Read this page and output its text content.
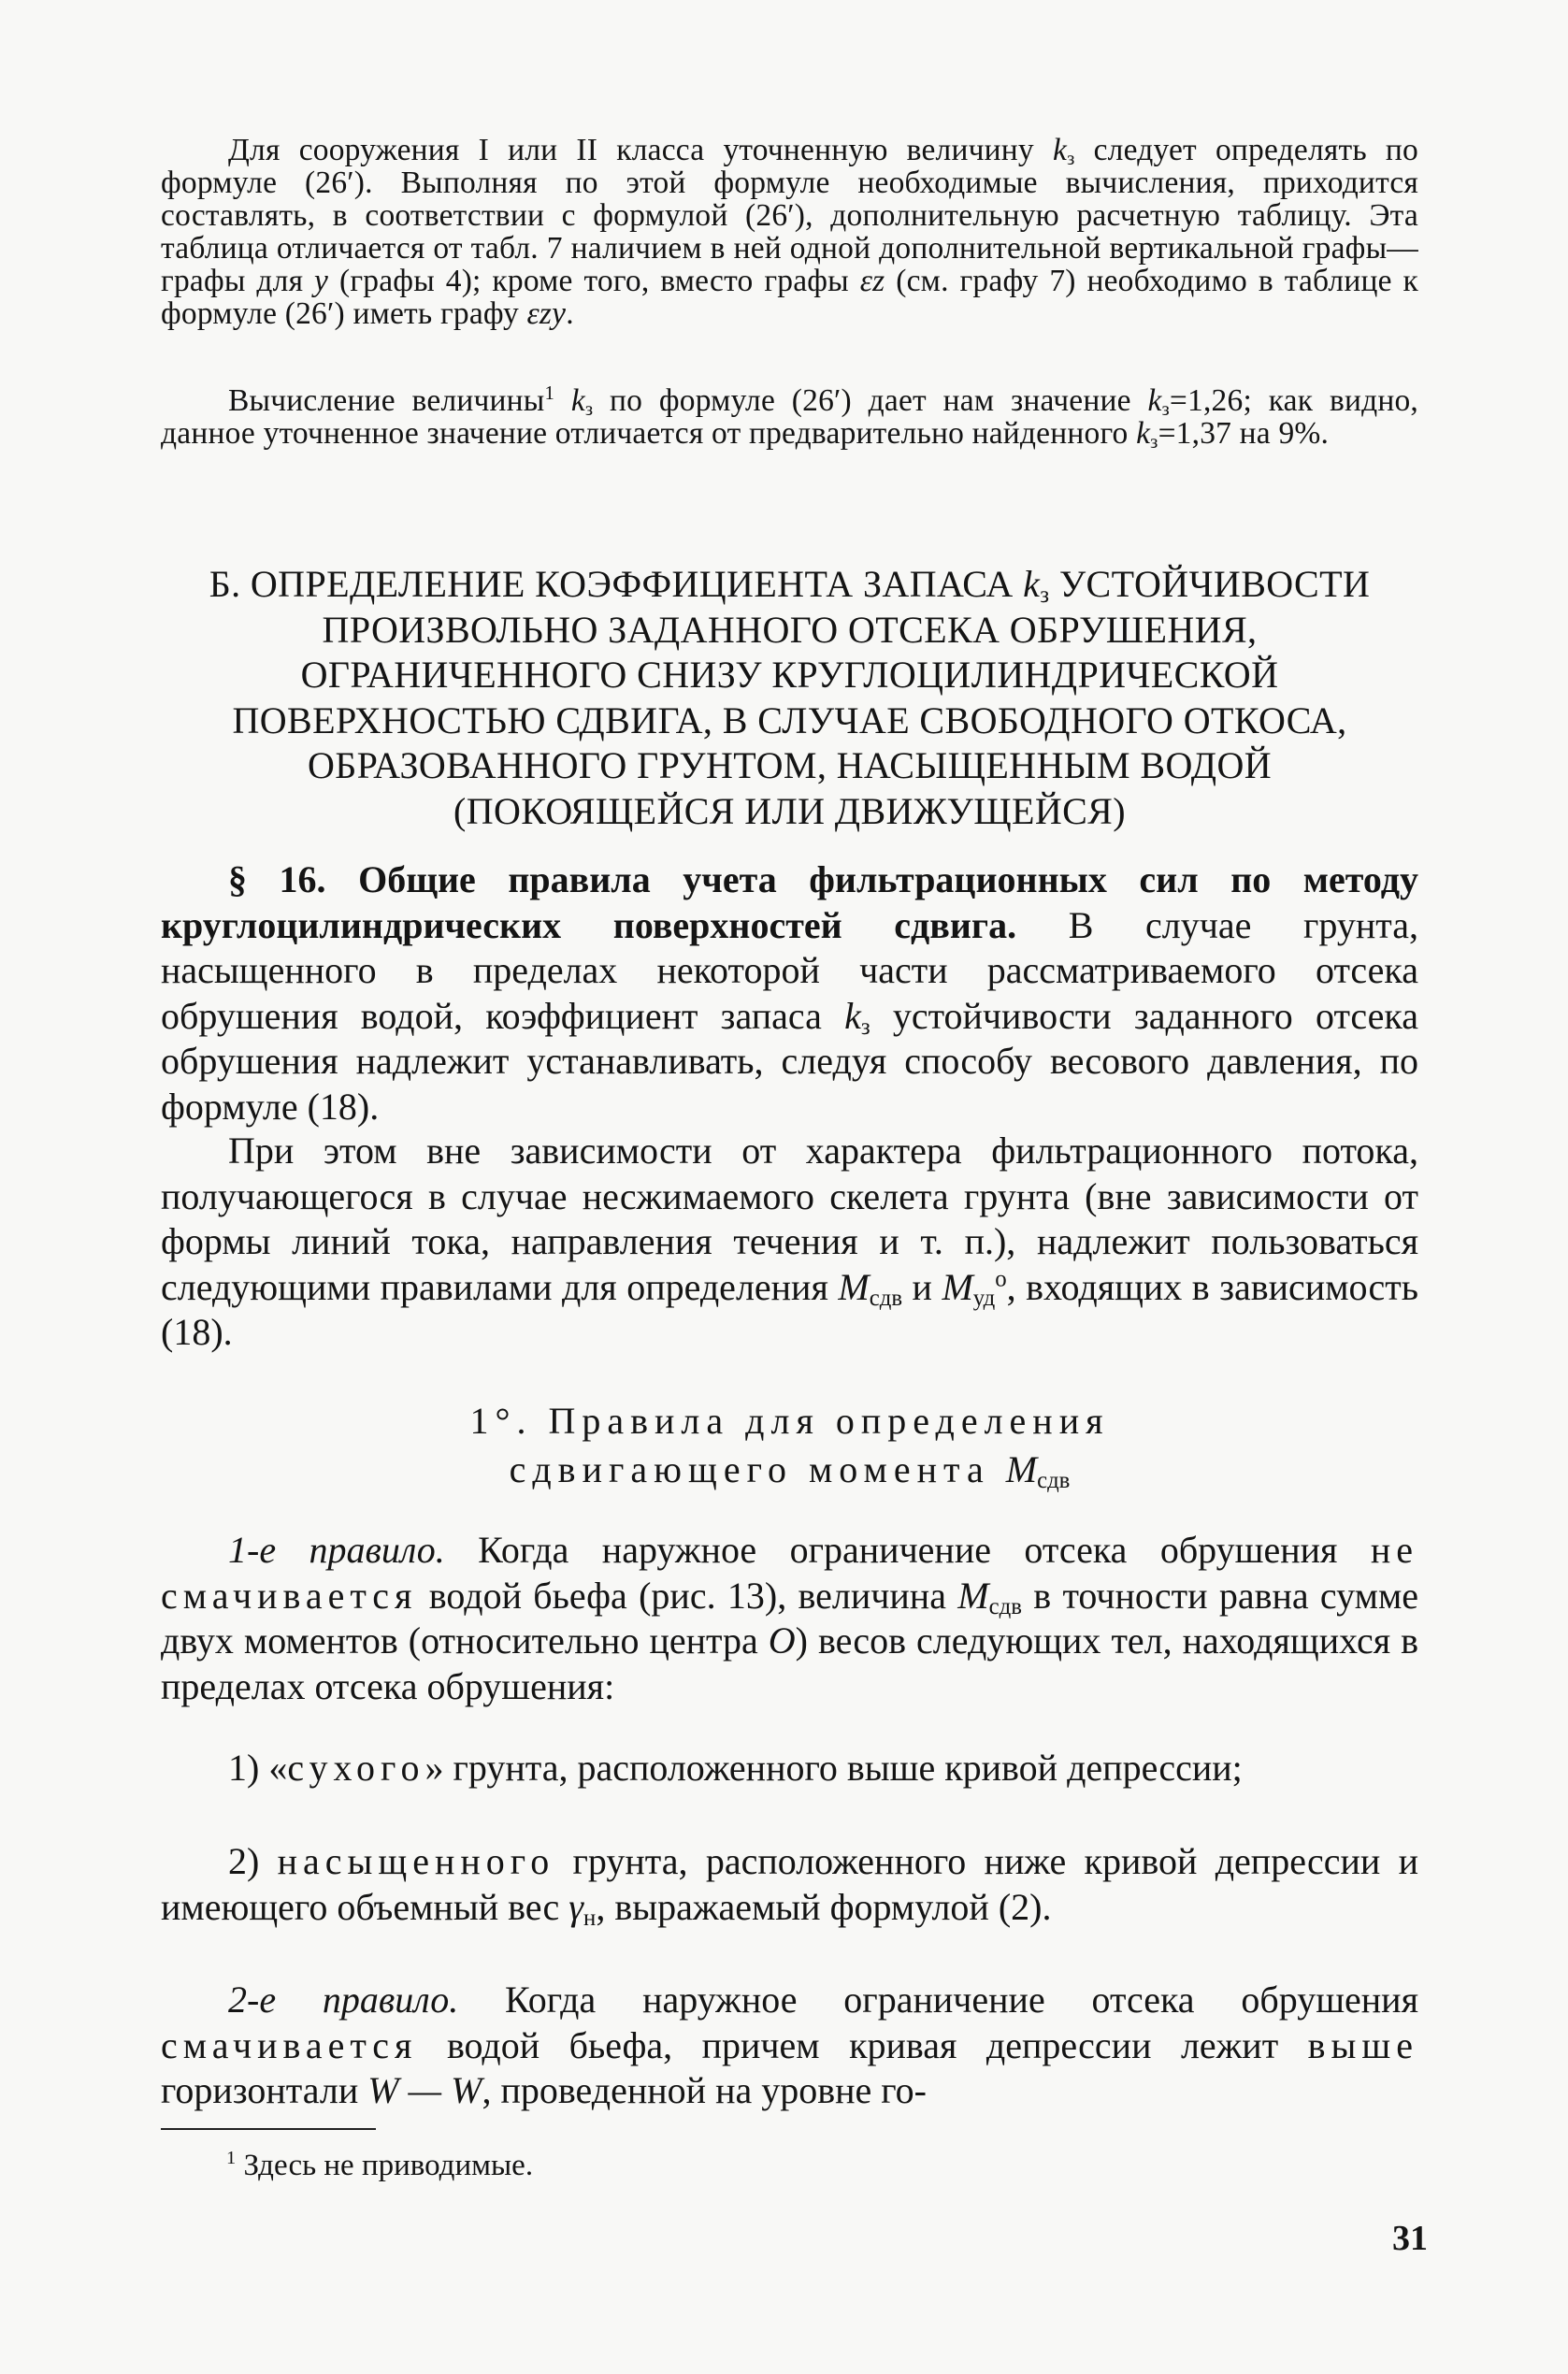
Для сооружения I или II класса уточненную величину $k_з$ следует определять по формуле (26′). Выполняя по этой формуле необходимые вычисления, приходится составлять, в соответствии с формулой (26′), дополнительную расчетную таблицу. Эта таблица отличается от табл. 7 наличием в ней одной дополнительной вертикальной графы—графы для y (графы 4); кроме того, вместо графы εz (см. графу 7) необходимо в таблице к формуле (26′) иметь графу εzy.

Вычисление величины$^1$ $k_з$ по формуле (26′) дает нам значение $k_з=1,26$; как видно, данное уточненное значение отличается от предварительно найденного $k_з=1,37$ на 9%.

Б. ОПРЕДЕЛЕНИЕ КОЭФФИЦИЕНТА ЗАПАСА $k_з$ УСТОЙЧИВОСТИ
ПРОИЗВОЛЬНО ЗАДАННОГО ОТСЕКА ОБРУШЕНИЯ,
ОГРАНИЧЕННОГО СНИЗУ КРУГЛОЦИЛИНДРИЧЕСКОЙ
ПОВЕРХНОСТЬЮ СДВИГА, В СЛУЧАЕ СВОБОДНОГО ОТКОСА,
ОБРАЗОВАННОГО ГРУНТОМ, НАСЫЩЕННЫМ ВОДОЙ
(ПОКОЯЩЕЙСЯ ИЛИ ДВИЖУЩЕЙСЯ)

§ 16. Общие правила учета фильтрационных сил по методу круглоцилиндрических поверхностей сдвига. В случае грунта, насыщенного в пределах некоторой части рассматриваемого отсека обрушения водой, коэффициент запаса $k_з$ устойчивости заданного отсека обрушения надлежит устанавливать, следуя способу весового давления, по формуле (18).

При этом вне зависимости от характера фильтрационного потока, получающегося в случае несжимаемого скелета грунта (вне зависимости от формы линий тока, направления течения и т. п.), надлежит пользоваться следующими правилами для определения $M_{сдв}$ и $M_{уд}^о$, входящих в зависимость (18).

1°. Правила для определения
сдвигающего момента $M_{сдв}$

1-е правило. Когда наружное ограничение отсека обрушения не смачивается водой бьефа (рис. 13), величина $M_{сдв}$ в точности равна сумме двух моментов (относительно центра O) весов следующих тел, находящихся в пределах отсека обрушения:

1) «сухого» грунта, расположенного выше кривой депрессии;

2) насыщенного грунта, расположенного ниже кривой депрессии и имеющего объемный вес $\gamma_н$, выражаемый формулой (2).

2-е правило. Когда наружное ограничение отсека обрушения смачивается водой бьефа, причем кривая депрессии лежит выше горизонтали W — W, проведенной на уровне го-

$^1$ Здесь не приводимые.

31
